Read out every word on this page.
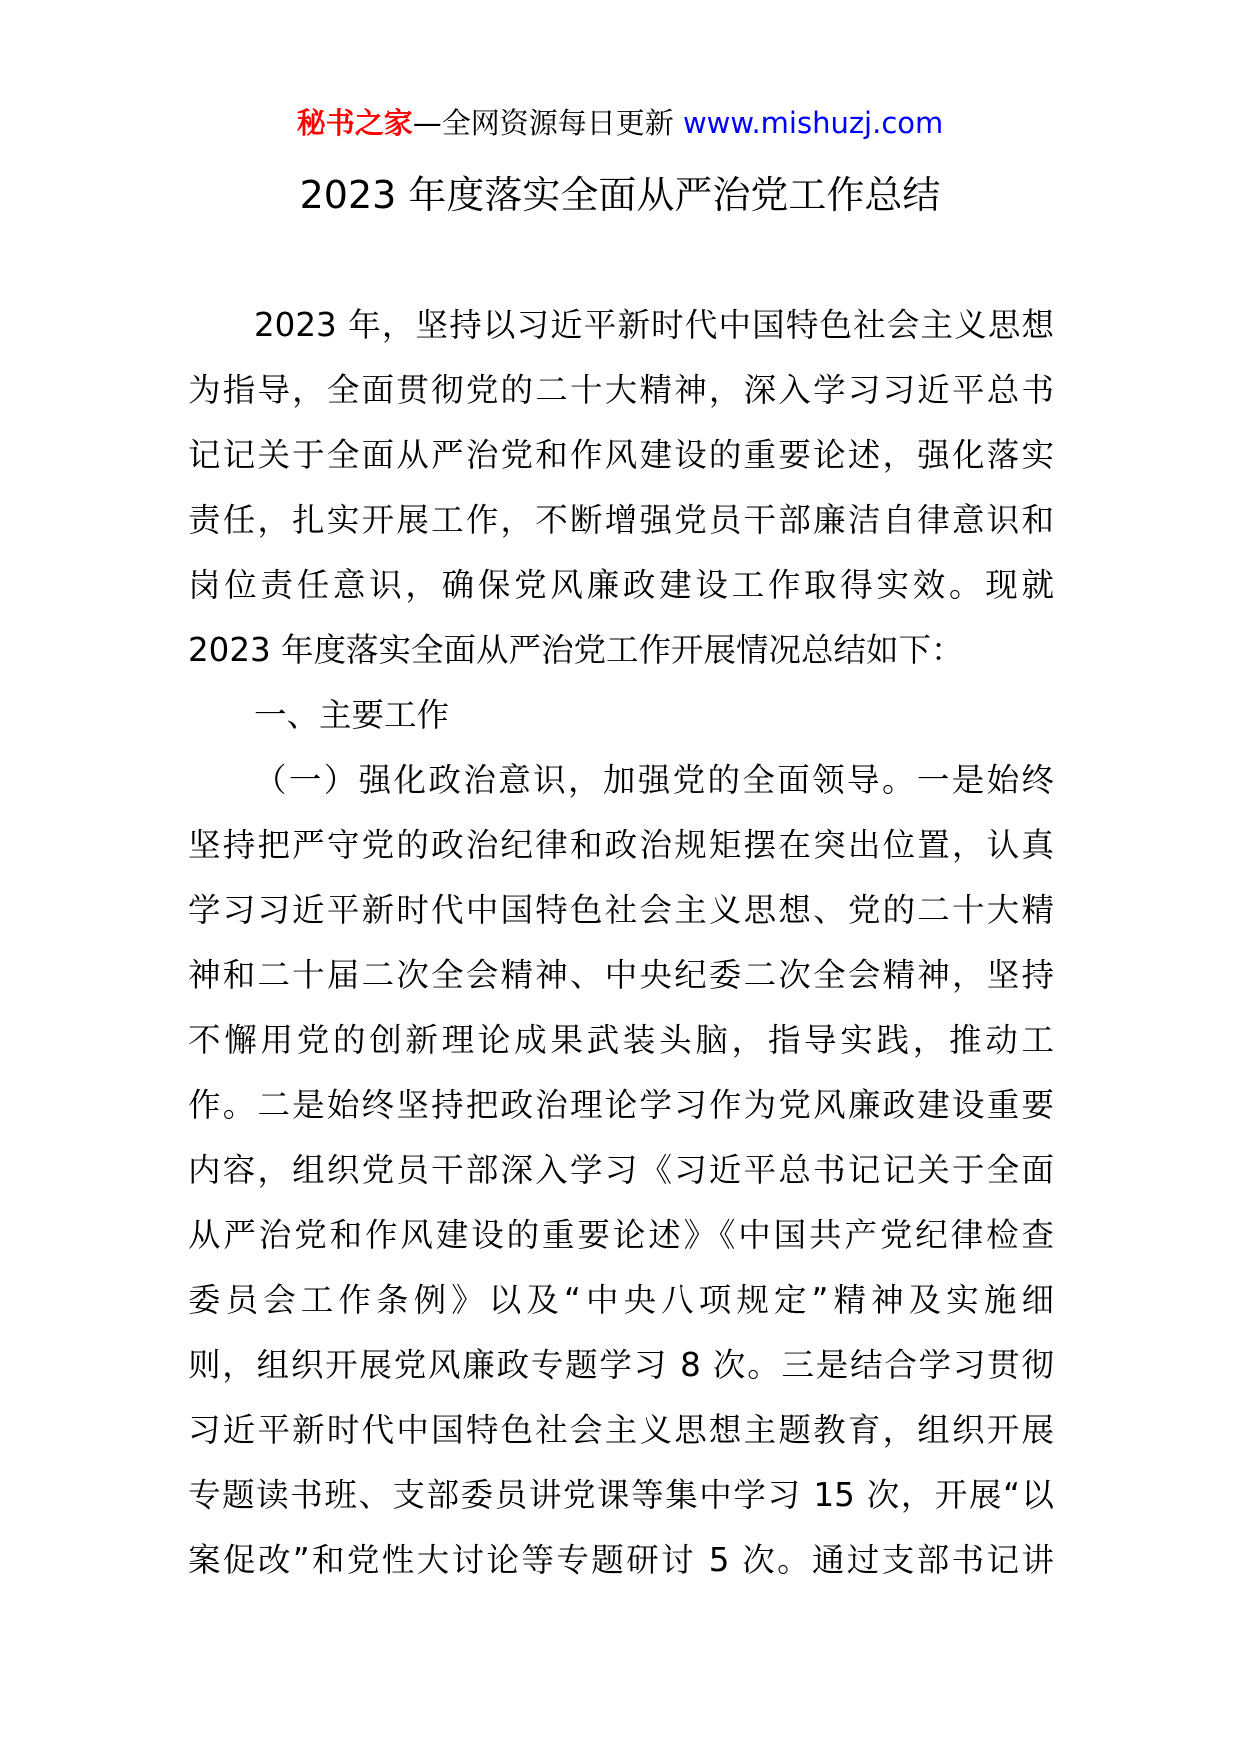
秘书之家—全网资源每日更新 www.mishuzj.com
2023 年度落实全面从严治党工作总结
2023 年，坚持以习近平新时代中国特色社会主义思想
为指导，全面贯彻党的二十大精神，深入学习习近平总书
记记关于全面从严治党和作风建设的重要论述，强化落实
责任，扎实开展工作，不断增强党员干部廉洁自律意识和
岗位责任意识，确保党风廉政建设工作取得实效。现就
2023 年度落实全面从严治党工作开展情况总结如下：
一、主要工作
（一）强化政治意识，加强党的全面领导。一是始终
坚持把严守党的政治纪律和政治规矩摆在突出位置，认真
学习习近平新时代中国特色社会主义思想、党的二十大精
神和二十届二次全会精神、中央纪委二次全会精神，坚持
不懈用党的创新理论成果武装头脑，指导实践，推动工
作。二是始终坚持把政治理论学习作为党风廉政建设重要
内容，组织党员干部深入学习《习近平总书记记关于全面
从严治党和作风建设的重要论述》《中国共产党纪律检查
委员会工作条例》以及“中央八项规定”精神及实施细
则，组织开展党风廉政专题学习 8 次。三是结合学习贯彻
习近平新时代中国特色社会主义思想主题教育，组织开展
专题读书班、支部委员讲党课等集中学习 15 次，开展“以
案促改”和党性大讨论等专题研讨 5 次。通过支部书记讲
